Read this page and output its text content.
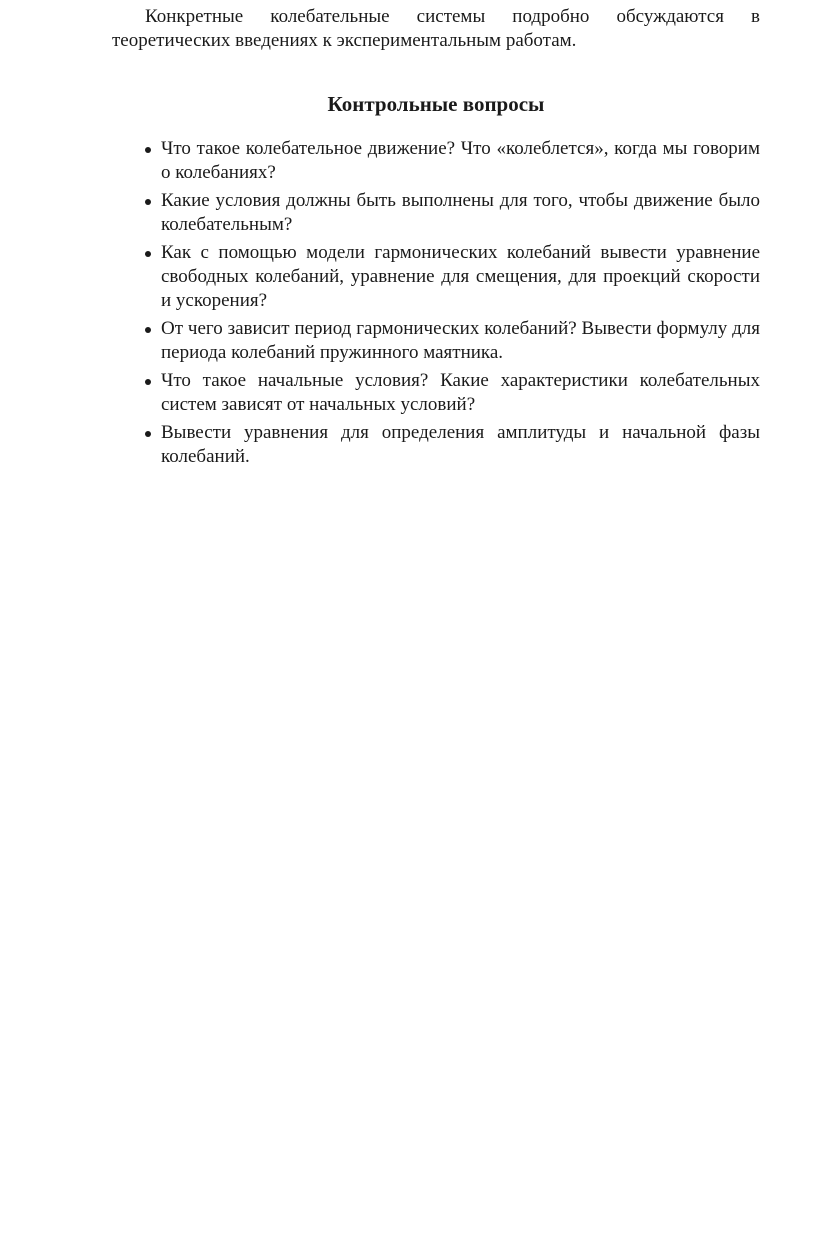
Конкретные колебательные системы подробно обсуждаются в теоретических введениях к экспериментальным работам.

Контрольные вопросы
Что такое колебательное движение? Что «колеблется», когда мы говорим о колебаниях?
Какие условия должны быть выполнены для того, чтобы движение было колебательным?
Как с помощью модели гармонических колебаний вывести уравнение свободных колебаний, уравнение для смещения, для проекций скорости и ускорения?
От чего зависит период гармонических колебаний? Вывести формулу для периода колебаний пружинного маятника.
Что такое начальные условия? Какие характеристики колебательных систем зависят от начальных условий?
Вывести уравнения для определения амплитуды и начальной фазы колебаний.
